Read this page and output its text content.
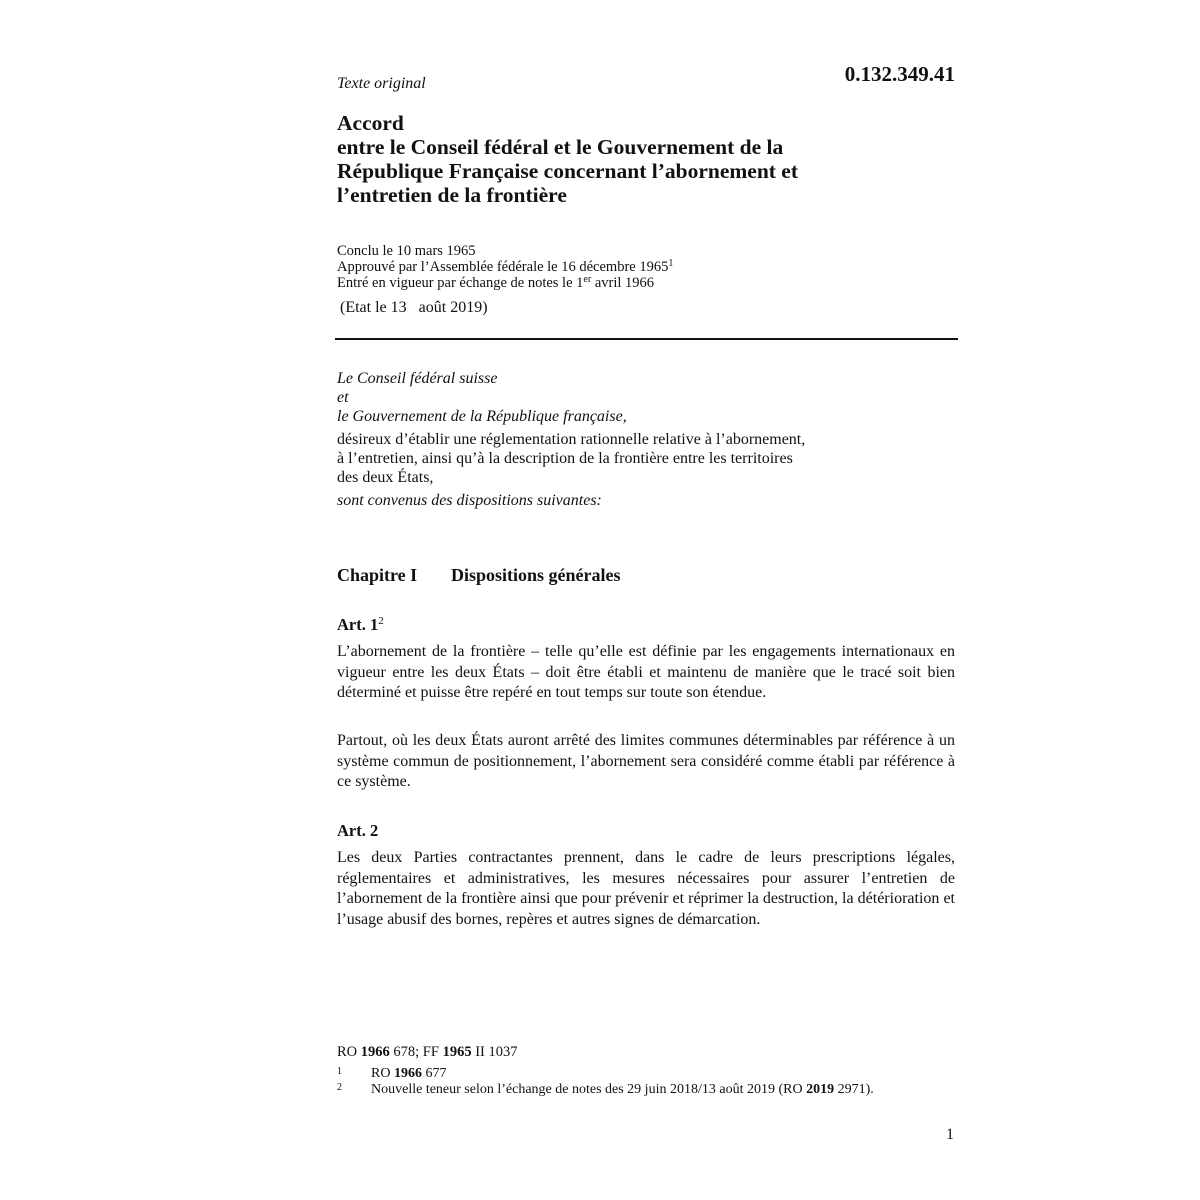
Texte original	0.132.349.41
Accord
entre le Conseil fédéral et le Gouvernement de la
République Française concernant l’abornement et
l’entretien de la frontière
Conclu le 10 mars 1965
Approuvé par l’Assemblée fédérale le 16 décembre 1965$^1$
Entré en vigueur par échange de notes le 1er avril 1966
(Etat le 13   août 2019)
Le Conseil fédéral suisse
et
le Gouvernement de la République française,
désireux d’établir une réglementation rationnelle relative à l’abornement,
à l’entretien, ainsi qu’à la description de la frontière entre les territoires
des deux États,
sont convenus des dispositions suivantes:
Chapitre I Dispositions générales
Art. $1^2$
L’abornement de la frontière – telle qu’elle est définie par les engagements internationaux en vigueur entre les deux États – doit être établi et maintenu de manière que le tracé soit bien déterminé et puisse être repéré en tout temps sur toute son étendue.
Partout, où les deux États auront arrêté des limites communes déterminables par référence à un système commun de positionnement, l’abornement sera considéré comme établi par référence à ce système.
Art. 2
Les deux Parties contractantes prennent, dans le cadre de leurs prescriptions légales, réglementaires et administratives, les mesures nécessaires pour assurer l’entretien de l’abornement de la frontière ainsi que pour prévenir et réprimer la destruction, la détérioration et l’usage abusif des bornes, repères et autres signes de démarcation.
RO 1966 678; FF 1965 II 1037
1 RO 1966 677
2 Nouvelle teneur selon l’échange de notes des 29 juin 2018/13 août 2019 (RO 2019 2971).
1
